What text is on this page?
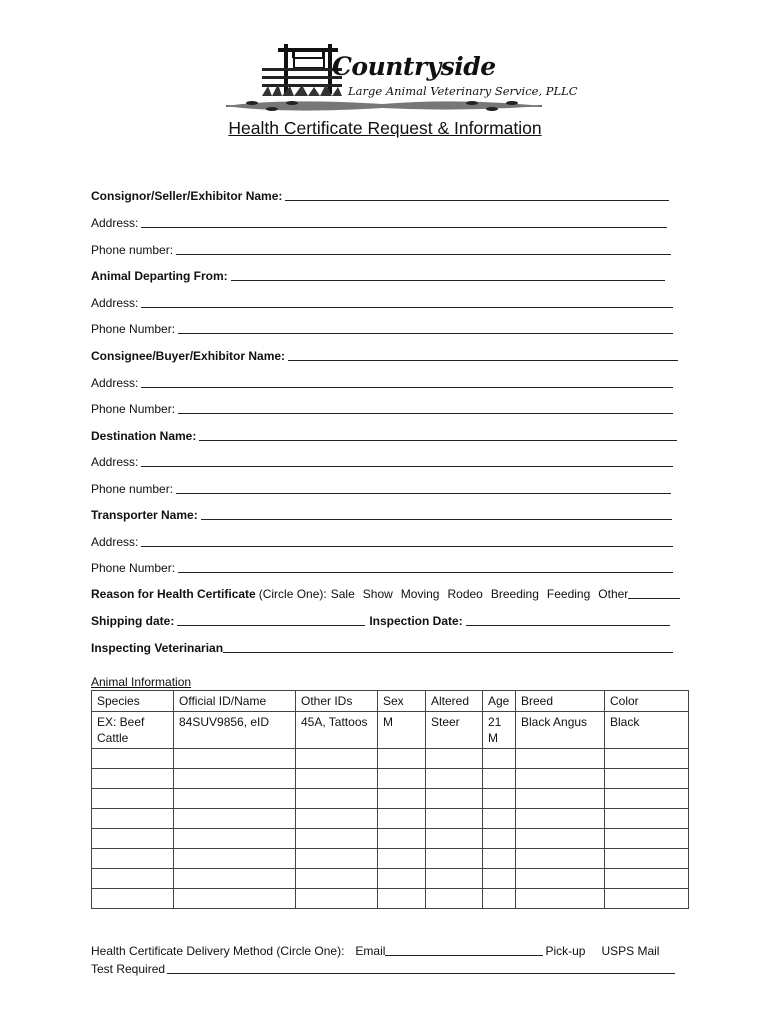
Countryside
Large Animal Veterinary Service, PLLC
Health Certificate Request & Information
Consignor/Seller/Exhibitor Name:
Address:
Phone number:
Animal Departing From:
Address:
Phone Number:
Consignee/Buyer/Exhibitor Name:
Address:
Phone Number:
Destination Name:
Address:
Phone number:
Transporter Name:
Address:
Phone Number:
Reason for Health Certificate (Circle One): Sale Show Moving Rodeo Breeding Feeding Other
Shipping date:	Inspection Date:
Inspecting Veterinarian
Animal Information
Species	Official ID/Name	Other IDs	Sex	Altered	Age	Breed	Color
EX: Beef Cattle	84SUV9856, eID	45A, Tattoos	M	Steer	21 M	Black Angus	Black

Health Certificate Delivery Method (Circle One): Email	Pick-up	USPS Mail
Test Required
